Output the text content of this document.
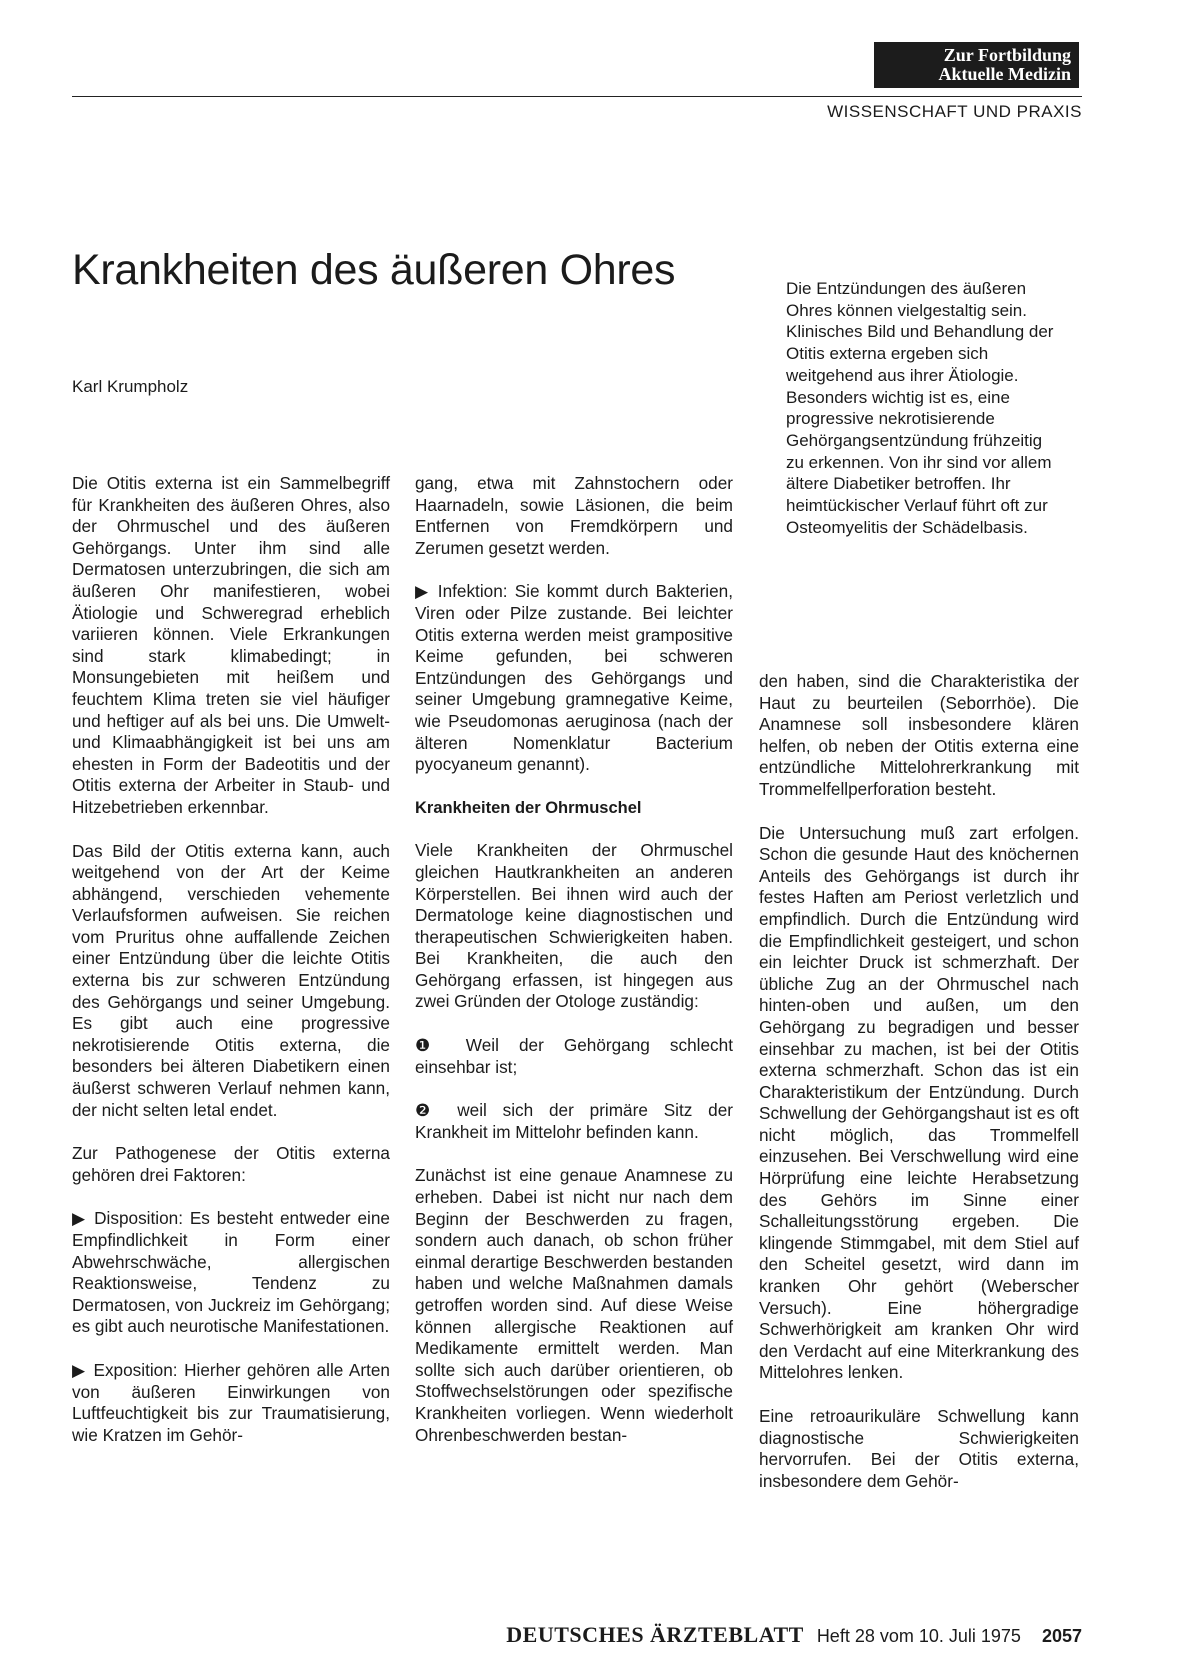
Zur Fortbildung
Aktuelle Medizin
WISSENSCHAFT UND PRAXIS
Krankheiten des äußeren Ohres
Karl Krumpholz

Die Entzündungen des äußeren Ohres können vielgestaltig sein. Klinisches Bild und Behandlung der Otitis externa ergeben sich weitgehend aus ihrer Ätiologie. Besonders wichtig ist es, eine progressive nekrotisierende Gehörgangsentzündung frühzeitig zu erkennen. Von ihr sind vor allem ältere Diabetiker betroffen. Ihr heimtückischer Verlauf führt oft zur Osteomyelitis der Schädelbasis.

Die Otitis externa ist ein Sammelbegriff für Krankheiten des äußeren Ohres, also der Ohrmuschel und des äußeren Gehörgangs. Unter ihm sind alle Dermatosen unterzubringen, die sich am äußeren Ohr manifestieren, wobei Ätiologie und Schweregrad erheblich variieren können. Viele Erkrankungen sind stark klimabedingt; in Monsungebieten mit heißem und feuchtem Klima treten sie viel häufiger und heftiger auf als bei uns. Die Umwelt- und Klimaabhängigkeit ist bei uns am ehesten in Form der Badeotitis und der Otitis externa der Arbeiter in Staub- und Hitzebetrieben erkennbar.

Das Bild der Otitis externa kann, auch weitgehend von der Art der Keime abhängend, verschieden vehemente Verlaufsformen aufweisen. Sie reichen vom Pruritus ohne auffallende Zeichen einer Entzündung über die leichte Otitis externa bis zur schweren Entzündung des Gehörgangs und seiner Umgebung. Es gibt auch eine progressive nekrotisierende Otitis externa, die besonders bei älteren Diabetikern einen äußerst schweren Verlauf nehmen kann, der nicht selten letal endet.

Zur Pathogenese der Otitis externa gehören drei Faktoren:

▶ Disposition: Es besteht entweder eine Empfindlichkeit in Form einer Abwehrschwäche, allergischen Reaktionsweise, Tendenz zu Dermatosen, von Juckreiz im Gehörgang; es gibt auch neurotische Manifestationen.

▶ Exposition: Hierher gehören alle Arten von äußeren Einwirkungen von Luftfeuchtigkeit bis zur Traumatisierung, wie Kratzen im Gehör-

gang, etwa mit Zahnstochern oder Haarnadeln, sowie Läsionen, die beim Entfernen von Fremdkörpern und Zerumen gesetzt werden.

▶ Infektion: Sie kommt durch Bakterien, Viren oder Pilze zustande. Bei leichter Otitis externa werden meist grampositive Keime gefunden, bei schweren Entzündungen des Gehörgangs und seiner Umgebung gramnegative Keime, wie Pseudomonas aeruginosa (nach der älteren Nomenklatur Bacterium pyocyaneum genannt).

Krankheiten der Ohrmuschel

Viele Krankheiten der Ohrmuschel gleichen Hautkrankheiten an anderen Körperstellen. Bei ihnen wird auch der Dermatologe keine diagnostischen und therapeutischen Schwierigkeiten haben. Bei Krankheiten, die auch den Gehörgang erfassen, ist hingegen aus zwei Gründen der Otologe zuständig:

❶ Weil der Gehörgang schlecht einsehbar ist;

❷ weil sich der primäre Sitz der Krankheit im Mittelohr befinden kann.

Zunächst ist eine genaue Anamnese zu erheben. Dabei ist nicht nur nach dem Beginn der Beschwerden zu fragen, sondern auch danach, ob schon früher einmal derartige Beschwerden bestanden haben und welche Maßnahmen damals getroffen worden sind. Auf diese Weise können allergische Reaktionen auf Medikamente ermittelt werden. Man sollte sich auch darüber orientieren, ob Stoffwechselstörungen oder spezifische Krankheiten vorliegen. Wenn wiederholt Ohrenbeschwerden bestan-

den haben, sind die Charakteristika der Haut zu beurteilen (Seborrhöe). Die Anamnese soll insbesondere klären helfen, ob neben der Otitis externa eine entzündliche Mittelohrerkrankung mit Trommelfellperforation besteht.

Die Untersuchung muß zart erfolgen. Schon die gesunde Haut des knöchernen Anteils des Gehörgangs ist durch ihr festes Haften am Periost verletzlich und empfindlich. Durch die Entzündung wird die Empfindlichkeit gesteigert, und schon ein leichter Druck ist schmerzhaft. Der übliche Zug an der Ohrmuschel nach hinten-oben und außen, um den Gehörgang zu begradigen und besser einsehbar zu machen, ist bei der Otitis externa schmerzhaft. Schon das ist ein Charakteristikum der Entzündung. Durch Schwellung der Gehörgangshaut ist es oft nicht möglich, das Trommelfell einzusehen. Bei Verschwellung wird eine Hörprüfung eine leichte Herabsetzung des Gehörs im Sinne einer Schalleitungsstörung ergeben. Die klingende Stimmgabel, mit dem Stiel auf den Scheitel gesetzt, wird dann im kranken Ohr gehört (Weberscher Versuch). Eine höhergradige Schwerhörigkeit am kranken Ohr wird den Verdacht auf eine Miterkrankung des Mittelohres lenken.

Eine retroaurikuläre Schwellung kann diagnostische Schwierigkeiten hervorrufen. Bei der Otitis externa, insbesondere dem Gehör-

DEUTSCHES ÄRZTEBLATT Heft 28 vom 10. Juli 1975 2057
